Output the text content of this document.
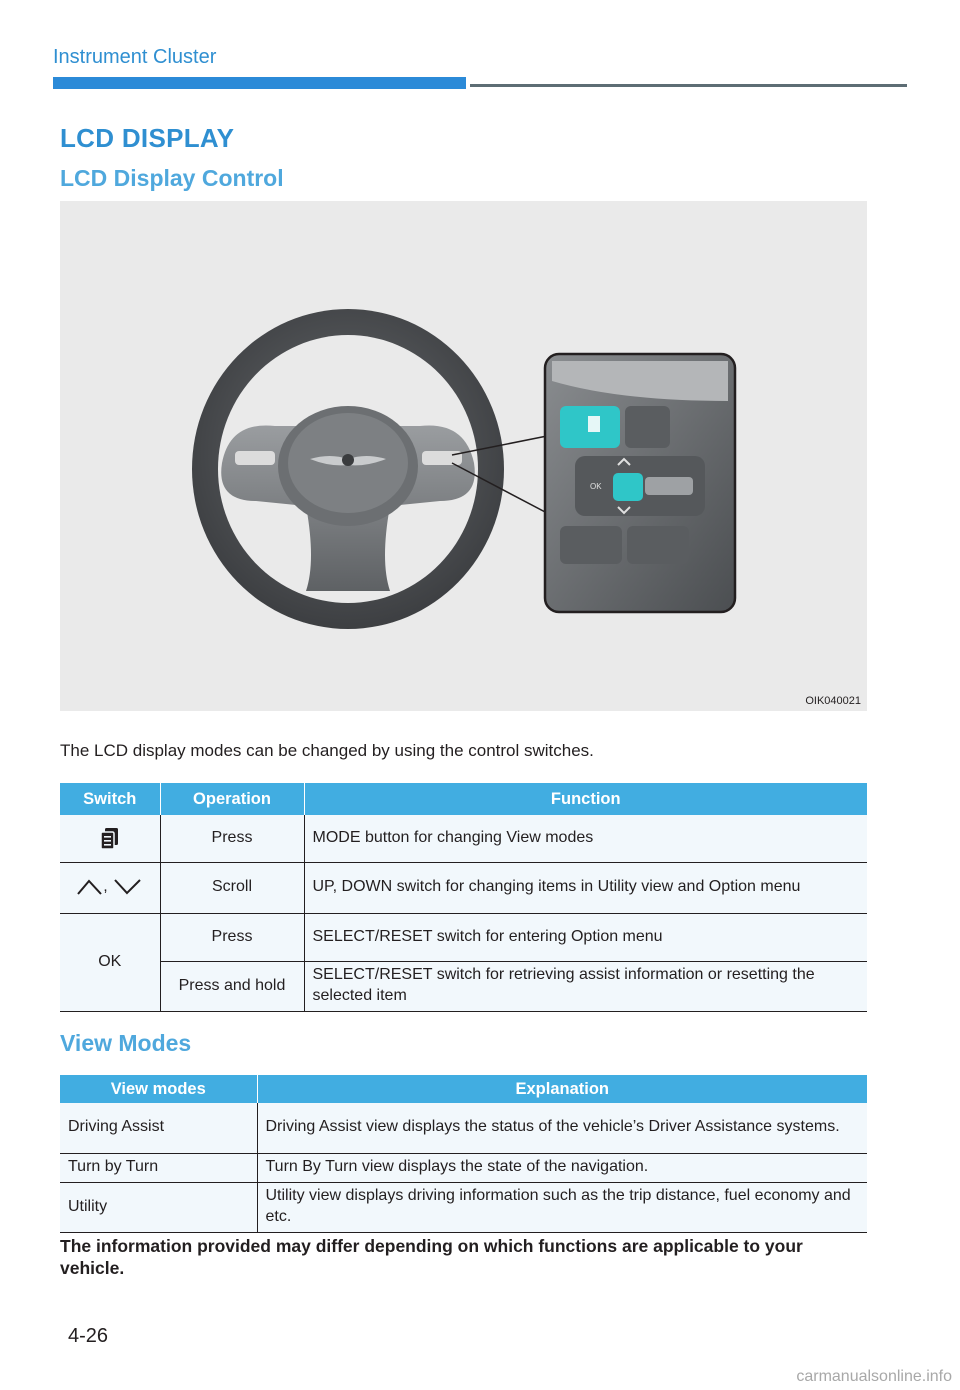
Instrument Cluster
LCD DISPLAY
LCD Display Control
OK
OIK040021
The LCD display modes can be changed by using the control switches.
Switch	Operation	Function
	Press	MODE button for changing View modes
,	Scroll	UP, DOWN switch for changing items in Utility view and Option menu
OK	Press	SELECT/RESET switch for entering Option menu
	Press and hold	SELECT/RESET switch for retrieving assist information or resetting the selected item
View Modes
View modes	Explanation
Driving Assist	Driving Assist view displays the status of the vehicle’s Driver Assistance systems.
Turn by Turn	Turn By Turn view displays the state of the navigation.
Utility	Utility view displays driving information such as the trip distance, fuel economy and etc.
The information provided may differ depending on which functions are applicable to your vehicle.
4-26
carmanualsonline.info
